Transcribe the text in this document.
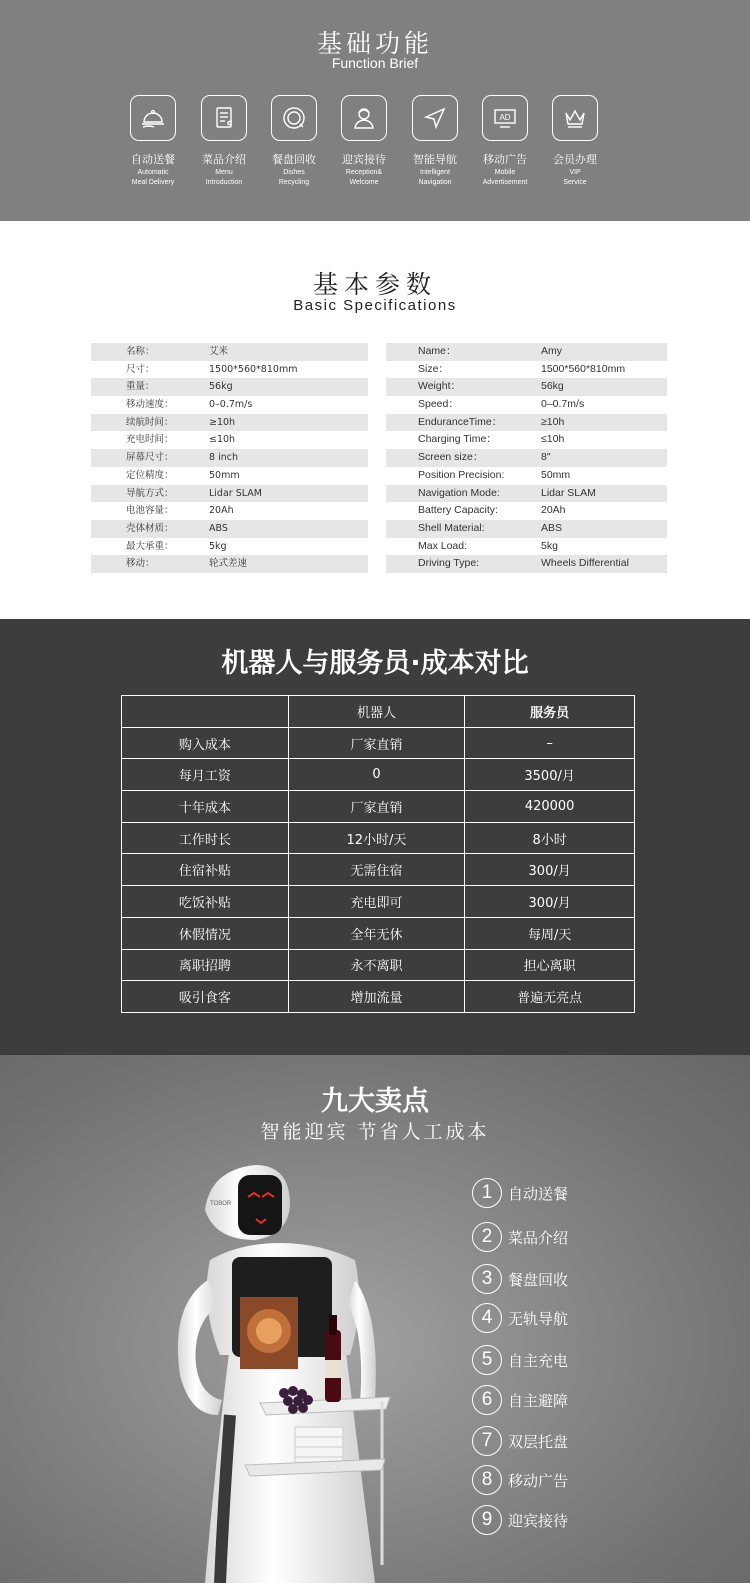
基础功能
Function Brief
自动送餐
Automatic
Meal Delivery
菜品介绍
Menu
Introduction
餐盘回收
Dishes
Recycling
迎宾接待
Reception&
Welcome
智能导航
Intelligent
Navigation
AD
移动广告
Mobile
Advertisement
会员办理
VIP
Service
基本参数
Basic Specifications
名称：	艾米
尺寸：	1500*560*810mm
重量：	56kg
移动速度：	0–0.7m/s
续航时间：	≥10h
充电时间：	≤10h
屏幕尺寸：	8 inch
定位精度：	50mm
导航方式：	Lidar SLAM
电池容量：	20Ah
壳体材质：	ABS
最大承重：	5kg
移动：	轮式差速
Name：	Amy
Size：	1500*560*810mm
Weight：	56kg
Speed：	0–0.7m/s
EnduranceTime：	≥10h
Charging Time：	≤10h
Screen size：	8"
Position Precision:	50mm
Navigation Mode:	Lidar SLAM
Battery Capacity:	20Ah
Shell Material:	ABS
Max Load:	5kg
Driving Type:	Wheels Differential
机器人与服务员·成本对比
	机器人	服务员
购入成本	厂家直销	–
每月工资	0	3500/月
十年成本	厂家直销	420000
工作时长	12小时/天	8小时
住宿补贴	无需住宿	300/月
吃饭补贴	充电即可	300/月
休假情况	全年无休	每周/天
离职招聘	永不离职	担心离职
吸引食客	增加流量	普遍无亮点
九大卖点
智能迎宾 节省人工成本
TOBOR
1	自动送餐
2	菜品介绍
3	餐盘回收
4	无轨导航
5	自主充电
6	自主避障
7	双层托盘
8	移动广告
9	迎宾接待
